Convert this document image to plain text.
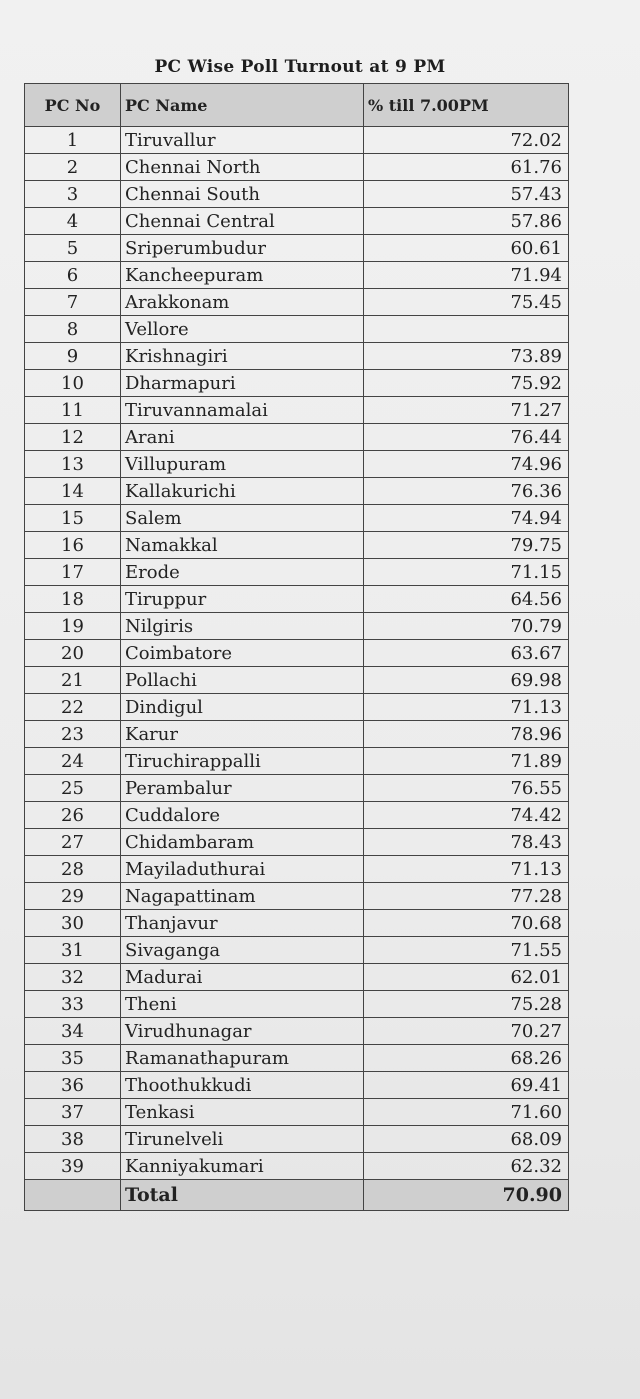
PC Wise Poll Turnout at 9 PM
PC No	PC Name	% till 7.00PM
1	Tiruvallur	72.02
2	Chennai North	61.76
3	Chennai South	57.43
4	Chennai Central	57.86
5	Sriperumbudur	60.61
6	Kancheepuram	71.94
7	Arakkonam	75.45
8	Vellore	
9	Krishnagiri	73.89
10	Dharmapuri	75.92
11	Tiruvannamalai	71.27
12	Arani	76.44
13	Villupuram	74.96
14	Kallakurichi	76.36
15	Salem	74.94
16	Namakkal	79.75
17	Erode	71.15
18	Tiruppur	64.56
19	Nilgiris	70.79
20	Coimbatore	63.67
21	Pollachi	69.98
22	Dindigul	71.13
23	Karur	78.96
24	Tiruchirappalli	71.89
25	Perambalur	76.55
26	Cuddalore	74.42
27	Chidambaram	78.43
28	Mayiladuthurai	71.13
29	Nagapattinam	77.28
30	Thanjavur	70.68
31	Sivaganga	71.55
32	Madurai	62.01
33	Theni	75.28
34	Virudhunagar	70.27
35	Ramanathapuram	68.26
36	Thoothukkudi	69.41
37	Tenkasi	71.60
38	Tirunelveli	68.09
39	Kanniyakumari	62.32
	Total	70.90
